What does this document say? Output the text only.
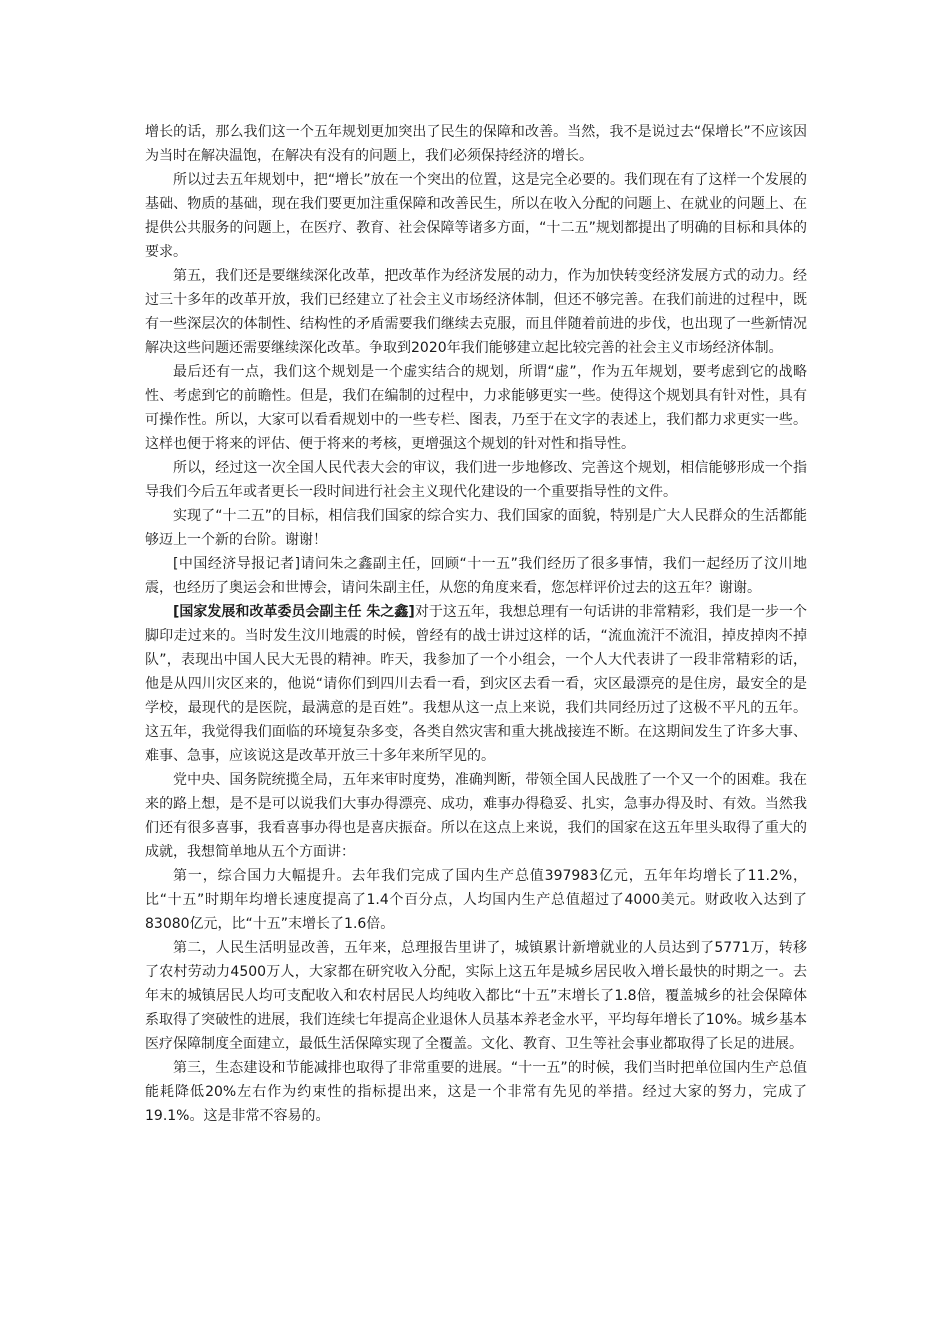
增长的话，那么我们这一个五年规划更加突出了民生的保障和改善。当然，我不是说过去“保增长”不应该因为当时在解决温饱，在解决有没有的问题上，我们必须保持经济的增长。

所以过去五年规划中，把“增长”放在一个突出的位置，这是完全必要的。我们现在有了这样一个发展的基础、物质的基础，现在我们要更加注重保障和改善民生，所以在收入分配的问题上、在就业的问题上、在提供公共服务的问题上，在医疗、教育、社会保障等诸多方面，“十二五”规划都提出了明确的目标和具体的要求。

第五，我们还是要继续深化改革，把改革作为经济发展的动力，作为加快转变经济发展方式的动力。经过三十多年的改革开放，我们已经建立了社会主义市场经济体制，但还不够完善。在我们前进的过程中，既有一些深层次的体制性、结构性的矛盾需要我们继续去克服，而且伴随着前进的步伐，也出现了一些新情况解决这些问题还需要继续深化改革。争取到2020年我们能够建立起比较完善的社会主义市场经济体制。

最后还有一点，我们这个规划是一个虚实结合的规划，所谓“虚”，作为五年规划，要考虑到它的战略性、考虑到它的前瞻性。但是，我们在编制的过程中，力求能够更实一些。使得这个规划具有针对性，具有可操作性。所以，大家可以看看规划中的一些专栏、图表，乃至于在文字的表述上，我们都力求更实一些。这样也便于将来的评估、便于将来的考核，更增强这个规划的针对性和指导性。

所以，经过这一次全国人民代表大会的审议，我们进一步地修改、完善这个规划，相信能够形成一个指导我们今后五年或者更长一段时间进行社会主义现代化建设的一个重要指导性的文件。

实现了“十二五”的目标，相信我们国家的综合实力、我们国家的面貌，特别是广大人民群众的生活都能够迈上一个新的台阶。谢谢！

[中国经济导报记者]请问朱之鑫副主任，回顾“十一五”我们经历了很多事情，我们一起经历了汶川地震，也经历了奥运会和世博会，请问朱副主任，从您的角度来看，您怎样评价过去的这五年？谢谢。

[国家发展和改革委员会副主任 朱之鑫]对于这五年，我想总理有一句话讲的非常精彩，我们是一步一个脚印走过来的。当时发生汶川地震的时候，曾经有的战士讲过这样的话，“流血流汗不流泪，掉皮掉肉不掉队”，表现出中国人民大无畏的精神。昨天，我参加了一个小组会，一个人大代表讲了一段非常精彩的话，他是从四川灾区来的，他说“请你们到四川去看一看，到灾区去看一看，灾区最漂亮的是住房，最安全的是学校，最现代的是医院，最满意的是百姓”。我想从这一点上来说，我们共同经历过了这极不平凡的五年。这五年，我觉得我们面临的环境复杂多变，各类自然灾害和重大挑战接连不断。在这期间发生了许多大事、难事、急事，应该说这是改革开放三十多年来所罕见的。

党中央、国务院统揽全局，五年来审时度势，准确判断，带领全国人民战胜了一个又一个的困难。我在来的路上想，是不是可以说我们大事办得漂亮、成功，难事办得稳妥、扎实，急事办得及时、有效。当然我们还有很多喜事，我看喜事办得也是喜庆振奋。所以在这点上来说，我们的国家在这五年里头取得了重大的成就，我想简单地从五个方面讲：

第一，综合国力大幅提升。去年我们完成了国内生产总值397983亿元，五年年均增长了11.2%，比“十五”时期年均增长速度提高了1.4个百分点，人均国内生产总值超过了4000美元。财政收入达到了83080亿元，比“十五”末增长了1.6倍。

第二，人民生活明显改善，五年来，总理报告里讲了，城镇累计新增就业的人员达到了5771万，转移了农村劳动力4500万人，大家都在研究收入分配，实际上这五年是城乡居民收入增长最快的时期之一。去年末的城镇居民人均可支配收入和农村居民人均纯收入都比“十五”末增长了1.8倍，覆盖城乡的社会保障体系取得了突破性的进展，我们连续七年提高企业退休人员基本养老金水平，平均每年增长了10%。城乡基本医疗保障制度全面建立，最低生活保障实现了全覆盖。文化、教育、卫生等社会事业都取得了长足的进展。

第三，生态建设和节能减排也取得了非常重要的进展。“十一五”的时候，我们当时把单位国内生产总值能耗降低20%左右作为约束性的指标提出来，这是一个非常有先见的举措。经过大家的努力，完成了19.1%。这是非常不容易的。
